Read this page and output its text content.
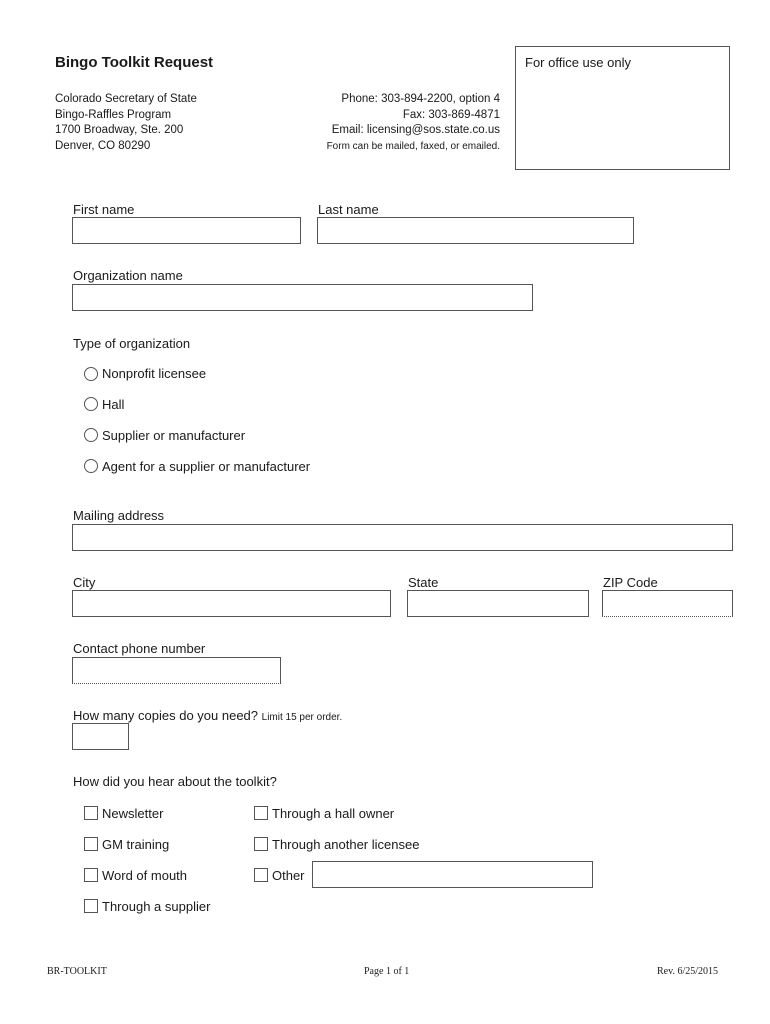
Bingo Toolkit Request
Colorado Secretary of State
Bingo-Raffles Program
1700 Broadway, Ste. 200
Denver, CO 80290
Phone: 303-894-2200, option 4
Fax: 303-869-4871
Email: licensing@sos.state.co.us
Form can be mailed, faxed, or emailed.
For office use only
First name	Last name
Organization name
Type of organization
Nonprofit licensee
Hall
Supplier or manufacturer
Agent for a supplier or manufacturer
Mailing address
City	State	ZIP Code
Contact phone number
How many copies do you need? Limit 15 per order.
How did you hear about the toolkit?
Newsletter
GM training
Word of mouth
Through a supplier
Through a hall owner
Through another licensee
Other
BR-TOOLKIT	Page 1 of 1	Rev. 6/25/2015
